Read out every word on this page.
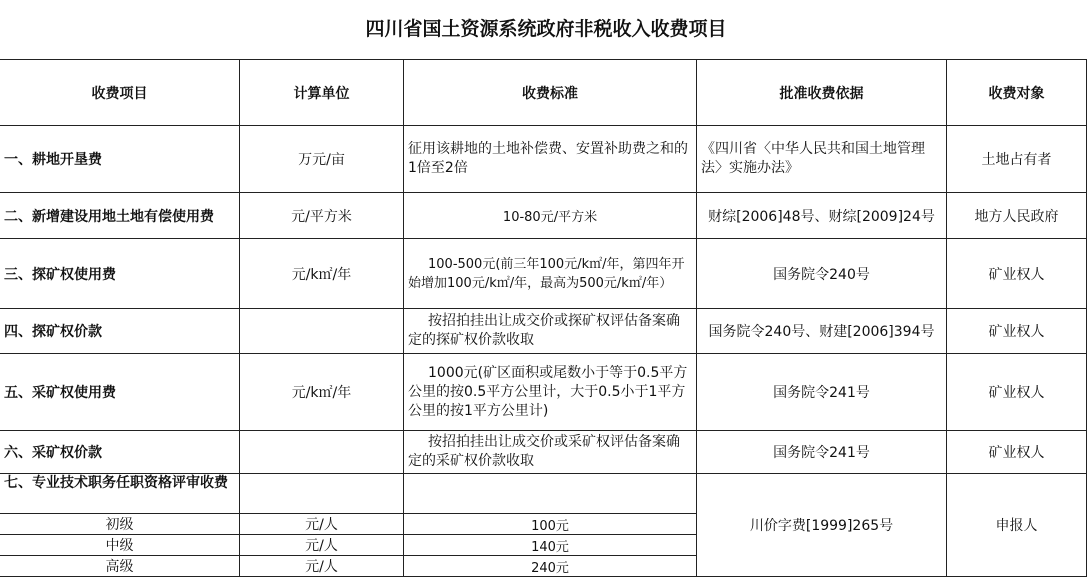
四川省国土资源系统政府非税收入收费项目
收费项目	计算单位	收费标准	批准收费依据	收费对象
一、耕地开垦费	万元/亩	征用该耕地的土地补偿费、安置补助费之和的1倍至2倍	《四川省〈中华人民共和国土地管理法〉实施办法》	土地占有者
二、新增建设用地土地有偿使用费	元/平方米	10-80元/平方米	财综[2006]48号、财综[2009]24号	地方人民政府
三、探矿权使用费	元/k㎡/年	100-500元(前三年100元/k㎡/年，第四年开始增加100元/k㎡/年，最高为500元/k㎡/年）	国务院令240号	矿业权人
四、探矿权价款		按招拍挂出让成交价或探矿权评估备案确定的探矿权价款收取	国务院令240号、财建[2006]394号	矿业权人
五、采矿权使用费	元/k㎡/年	1000元(矿区面积或尾数小于等于0.5平方公里的按0.5平方公里计，大于0.5小于1平方公里的按1平方公里计)	国务院令241号	矿业权人
六、采矿权价款		按招拍挂出让成交价或采矿权评估备案确定的采矿权价款收取	国务院令241号	矿业权人
七、专业技术职务任职资格评审收费			川价字费[1999]265号	申报人
初级	元/人	100元		
中级	元/人	140元		
高级	元/人	240元		
